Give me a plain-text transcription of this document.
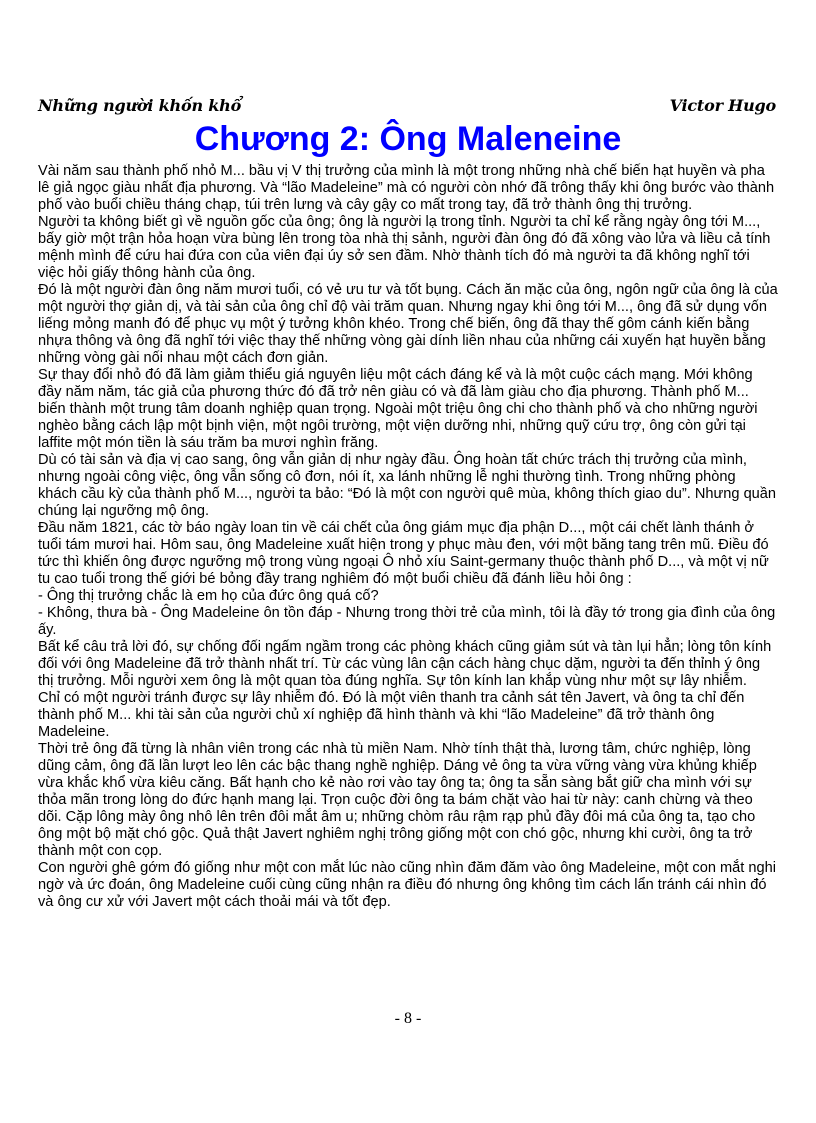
Những người khốn khổ	Victor Hugo
Chương 2: Ông Maleneine

Vài năm sau thành phố nhỏ M... bầu vị V thị trưởng của mình là một trong những nhà chế biến hạt huyền và pha lê giả ngọc giàu nhất địa phương. Và “lão Madeleine” mà có người còn nhớ đã trông thấy khi ông bước vào thành phố vào buổi chiều tháng chạp, túi trên lưng và cây gậy co mất trong tay, đã trở thành ông thị trưởng.

Người ta không biết gì về nguồn gốc của ông; ông là người lạ trong tỉnh. Người ta chỉ kể rằng ngày ông tới M..., bấy giờ một trận hỏa hoạn vừa bùng lên trong tòa nhà thị sảnh, người đàn ông đó đã xông vào lửa và liều cả tính mệnh mình để cứu hai đứa con của viên đại úy sở sen đầm. Nhờ thành tích đó mà người ta đã không nghĩ tới việc hỏi giấy thông hành của ông.

Đó là một người đàn ông năm mươi tuổi, có vẻ ưu tư và tốt bụng. Cách ăn mặc của ông, ngôn ngữ của ông là của một người thợ giản dị, và tài sản của ông chỉ độ vài trăm quan. Nhưng ngay khi ông tới M..., ông đã sử dụng vốn liếng mỏng manh đó để phục vụ một ý tưởng khôn khéo. Trong chế biến, ông đã thay thế gôm cánh kiến bằng nhựa thông và ông đã nghĩ tới việc thay thế những vòng gài dính liền nhau của những cái xuyến hạt huyền bằng những vòng gài nối nhau một cách đơn giản.

Sự thay đổi nhỏ đó đã làm giảm thiểu giá nguyên liệu một cách đáng kể và là một cuộc cách mạng. Mới không đầy năm năm, tác giả của phương thức đó đã trở nên giàu có và đã làm giàu cho địa phương. Thành phố M... biến thành một trung tâm doanh nghiệp quan trọng. Ngoài một triệu ông chi cho thành phố và cho những người nghèo bằng cách lập một bịnh viện, một ngôi trường, một viện dưỡng nhi, những quỹ cứu trợ, ông còn gửi tại laffite một món tiền là sáu trăm ba mươi nghìn frăng.

Dù có tài sản và địa vị cao sang, ông vẫn giản dị như ngày đầu. Ông hoàn tất chức trách thị trưởng của mình, nhưng ngoài công việc, ông vẫn sống cô đơn, nói ít, xa lánh những lễ nghi thường tình. Trong những phòng khách cầu kỳ của thành phố M..., người ta bảo: “Đó là một con người quê mùa, không thích giao du”. Nhưng quần chúng lại ngưỡng mộ ông.

Đầu năm 1821, các tờ báo ngày loan tin về cái chết của ông giám mục địa phận D..., một cái chết lành thánh ở tuổi tám mươi hai. Hôm sau, ông Madeleine xuất hiện trong y phục màu đen, với một băng tang trên mũ. Điều đó tức thì khiến ông được ngưỡng mộ trong vùng ngoại Ô nhỏ xíu Saint-germany thuộc thành phố D..., và một vị nữ tu cao tuổi trong thế giới bé bỏng đầy trang nghiêm đó một buổi chiều đã đánh liều hỏi ông :

- Ông thị trưởng chắc là em họ của đức ông quá cố?

- Không, thưa bà - Ông Madeleine ôn tồn đáp - Nhưng trong thời trẻ của mình, tôi là đầy tớ trong gia đình của ông ấy.

Bất kể câu trả lời đó, sự chống đối ngấm ngầm trong các phòng khách cũng giảm sút và tàn lụi hẳn; lòng tôn kính đối với ông Madeleine đã trở thành nhất trí. Từ các vùng lân cận cách hàng chục dặm, người ta đến thỉnh ý ông thị trưởng. Mỗi người xem ông là một quan tòa đúng nghĩa. Sự tôn kính lan khắp vùng như một sự lây nhiễm.

Chỉ có một người tránh được sự lây nhiễm đó. Đó là một viên thanh tra cảnh sát tên Javert, và ông ta chỉ đến thành phố M... khi tài sản của người chủ xí nghiệp đã hình thành và khi “lão Madeleine” đã trở thành ông Madeleine.

Thời trẻ ông đã từng là nhân viên trong các nhà tù miền Nam. Nhờ tính thật thà, lương tâm, chức nghiệp, lòng dũng cảm, ông đã lần lượt leo lên các bậc thang nghề nghiệp. Dáng vẻ ông ta vừa vững vàng vừa khủng khiếp vừa khắc khổ vừa kiêu căng. Bất hạnh cho kẻ nào rơi vào tay ông ta; ông ta sẵn sàng bắt giữ cha mình với sự thỏa mãn trong lòng do đức hạnh mang lại. Trọn cuộc đời ông ta bám chặt vào hai từ này: canh chừng và theo dõi. Cặp lông mày ông nhô lên trên đôi mắt âm u; những chòm râu rậm rạp phủ đầy đôi má của ông ta, tạo cho ông một bộ mặt chó gộc. Quả thật Javert nghiêm nghị trông giống một con chó gộc, nhưng khi cười, ông ta trở thành một con cọp.

Con người ghê gớm đó giống như một con mắt lúc nào cũng nhìn đăm đăm vào ông Madeleine, một con mắt nghi ngờ và ức đoán, ông Madeleine cuối cùng cũng nhận ra điều đó nhưng ông không tìm cách lẩn tránh cái nhìn đó và ông cư xử với Javert một cách thoải mái và tốt đẹp.

- 8 -
